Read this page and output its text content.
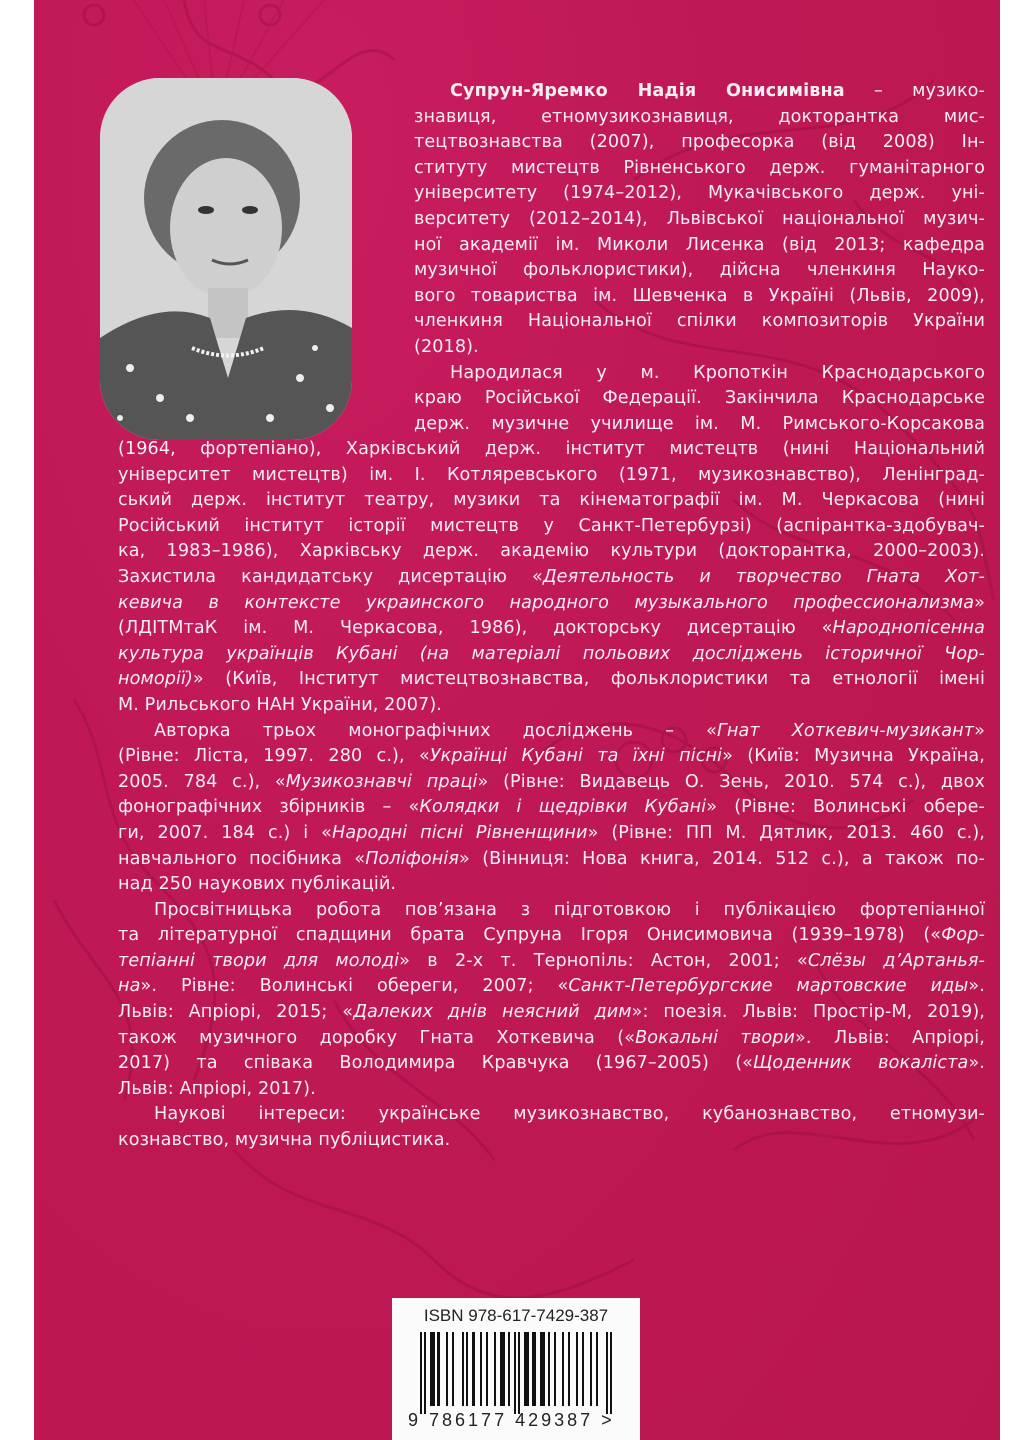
Супрун-Яремко Надія Онисимівна – музико-
знавиця, етномузикознавиця, докторантка мис-
тецтвознавства (2007), професорка (від 2008) Ін-
ституту мистецтв Рівненського держ. гуманітарного
університету (1974–2012), Мукачівського держ. уні-
верситету (2012–2014), Львівської національної музич-
ної академії ім. Миколи Лисенка (від 2013; кафедра
музичної фольклористики), дійсна членкиня Науко-
вого товариства ім. Шевченка в Україні (Львів, 2009),
членкиня Національної спілки композиторів України
(2018).
Народилася у м. Кропоткін Краснодарського
краю Російської Федерації. Закінчила Краснодарське
держ. музичне училище ім. М. Римського-Корсакова
(1964, фортепіано), Харківський держ. інститут мистецтв (нині Національний
університет мистецтв) ім. І. Котляревського (1971, музикознавство), Ленінград-
ський держ. інститут театру, музики та кінематографії ім. М. Черкасова (нині
Російський інститут історії мистецтв у Санкт-Петербурзі) (аспірантка-здобувач-
ка, 1983–1986), Харківську держ. академію культури (докторантка, 2000–2003).
Захистила кандидатську дисертацію «Деятельность и творчество Гната Хот-
кевича в контексте украинского народного музыкального профессионализма»
(ЛДІТМтаК ім. М. Черкасова, 1986), докторську дисертацію «Народнопісенна
культура українців Кубані (на матеріалі польових досліджень історичної Чор-
номорії)» (Київ, Інститут мистецтвознавства, фольклористики та етнології імені
М. Рильського НАН України, 2007).
Авторка трьох монографічних досліджень – «Гнат Хоткевич-музикант»
(Рівне: Ліста, 1997. 280 с.), «Українці Кубані та їхні пісні» (Київ: Музична Україна,
2005. 784 с.), «Музикознавчі праці» (Рівне: Видавець О. Зень, 2010. 574 с.), двох
фонографічних збірників – «Колядки і щедрівки Кубані» (Рівне: Волинські обере-
ги, 2007. 184 с.) і «Народні пісні Рівненщини» (Рівне: ПП М. Дятлик, 2013. 460 с.),
навчального посібника «Поліфонія» (Вінниця: Нова книга, 2014. 512 с.), а також по-
над 250 наукових публікацій.
Просвітницька робота пов’язана з підготовкою і публікацією фортепіанної
та літературної спадщини брата Супруна Ігоря Онисимовича (1939–1978) («Фор-
тепіанні твори для молоді» в 2-х т. Тернопіль: Астон, 2001; «Слёзы д’Артанья-
на». Рівне: Волинські обереги, 2007; «Санкт-Петербургские мартовские иды».
Львів: Апріорі, 2015; «Далеких днів неясний дим»: поезія. Львів: Простір-М, 2019),
також музичного доробку Гната Хоткевича («Вокальні твори». Львів: Апріорі,
2017) та співака Володимира Кравчука (1967–2005) («Щоденник вокаліста».
Львів: Апріорі, 2017).
Наукові інтереси: українське музикознавство, кубанознавство, етномузи-
кознавство, музична публіцистика.
ISBN 978-617-7429-387
9 786177 429387 >
